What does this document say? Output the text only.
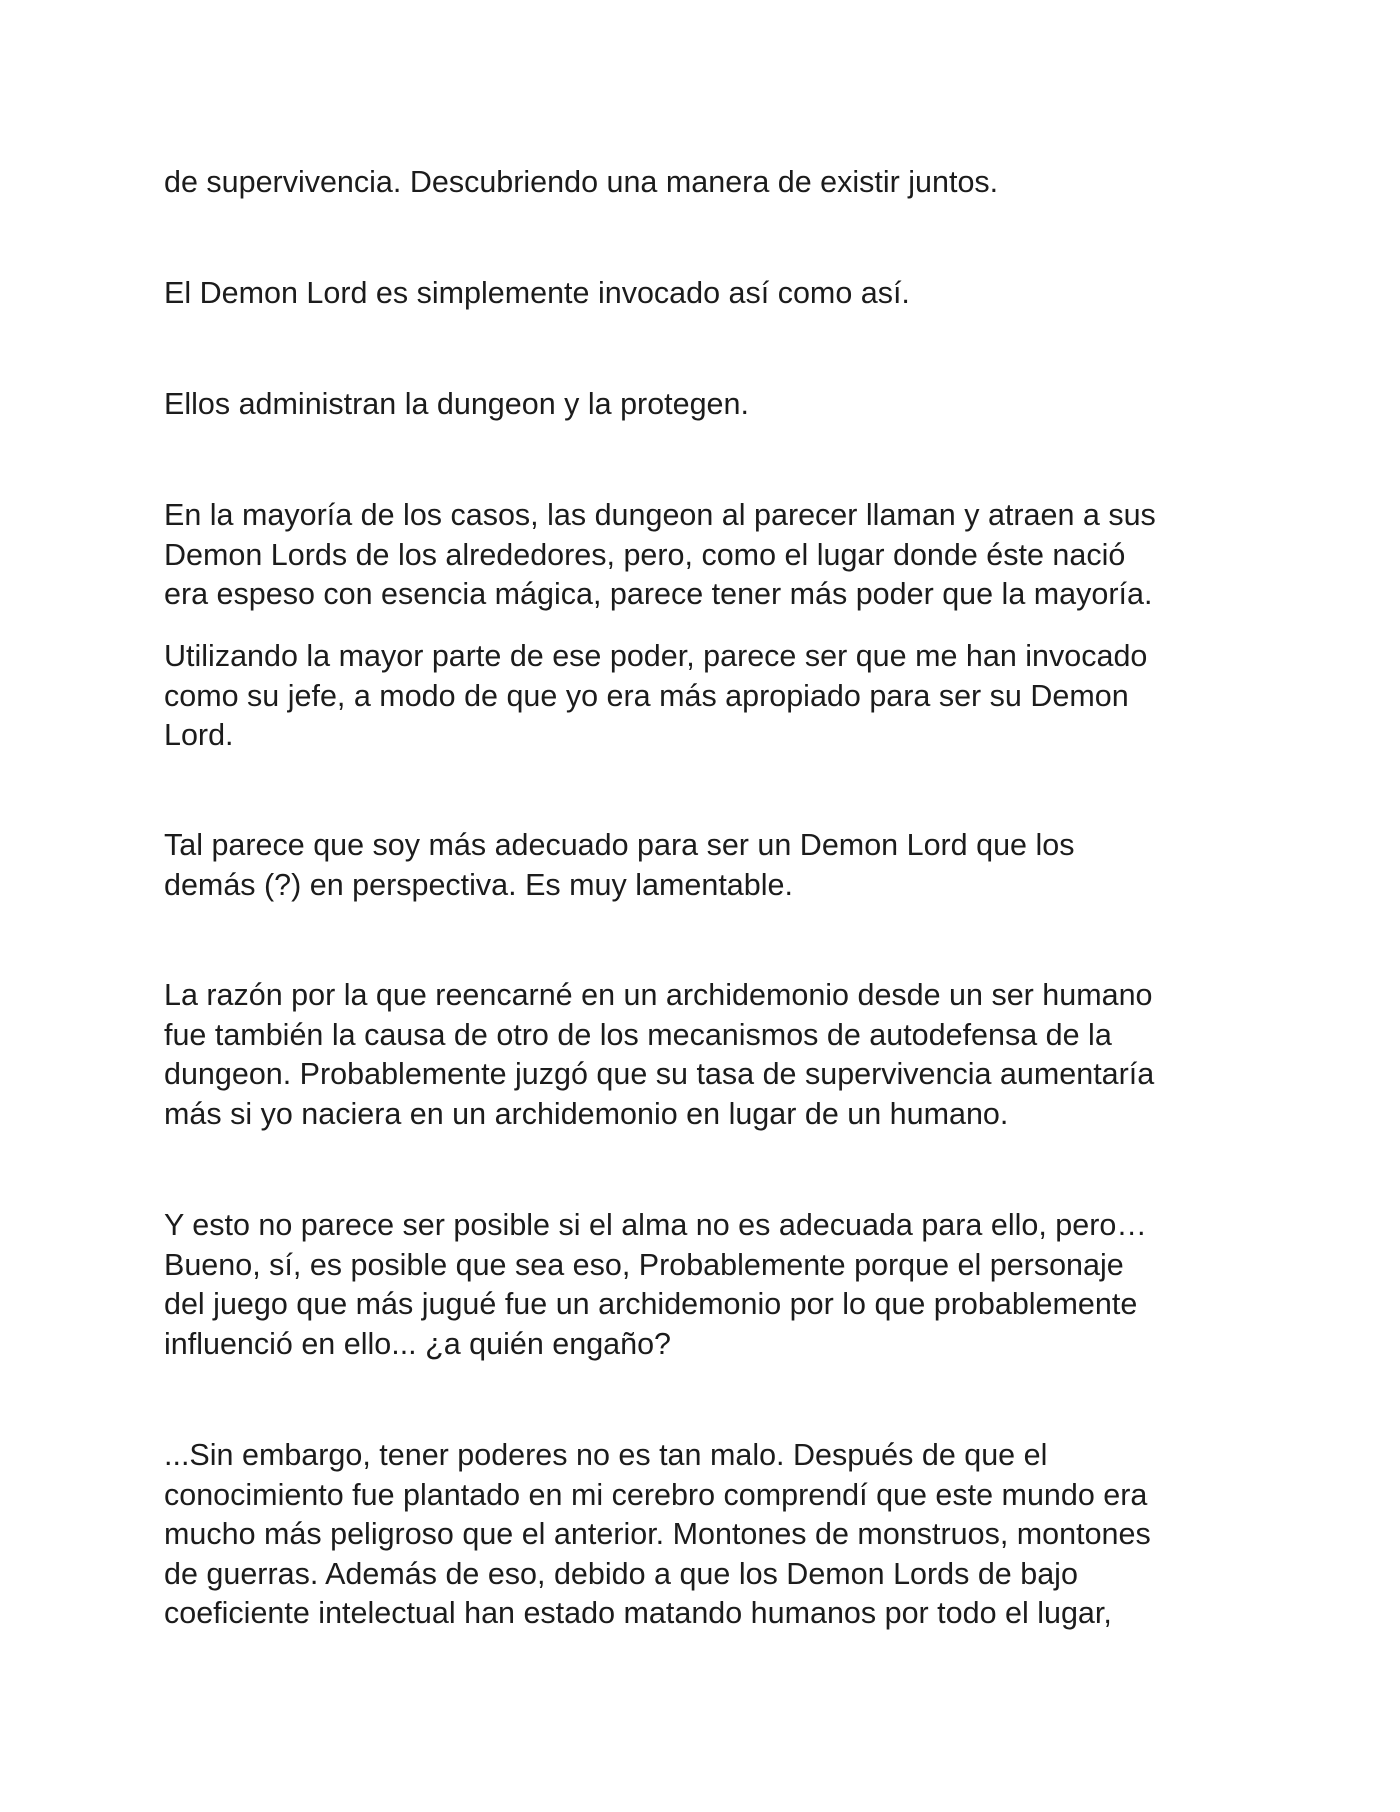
de supervivencia. Descubriendo una manera de existir juntos.

El Demon Lord es simplemente invocado así como así.

Ellos administran la dungeon y la protegen.

En la mayoría de los casos, las dungeon al parecer llaman y atraen a sus
Demon Lords de los alrededores, pero, como el lugar donde éste nació
era espeso con esencia mágica, parece tener más poder que la mayoría.

Utilizando la mayor parte de ese poder, parece ser que me han invocado
como su jefe, a modo de que yo era más apropiado para ser su Demon
Lord.

Tal parece que soy más adecuado para ser un Demon Lord que los
demás (?) en perspectiva. Es muy lamentable.

La razón por la que reencarné en un archidemonio desde un ser humano
fue también la causa de otro de los mecanismos de autodefensa de la
dungeon. Probablemente juzgó que su tasa de supervivencia aumentaría
más si yo naciera en un archidemonio en lugar de un humano.

Y esto no parece ser posible si el alma no es adecuada para ello, pero…
Bueno, sí, es posible que sea eso, Probablemente porque el personaje
del juego que más jugué fue un archidemonio por lo que probablemente
influenció en ello... ¿a quién engaño?

...Sin embargo, tener poderes no es tan malo. Después de que el
conocimiento fue plantado en mi cerebro comprendí que este mundo era
mucho más peligroso que el anterior. Montones de monstruos, montones
de guerras. Además de eso, debido a que los Demon Lords de bajo
coeficiente intelectual han estado matando humanos por todo el lugar,
